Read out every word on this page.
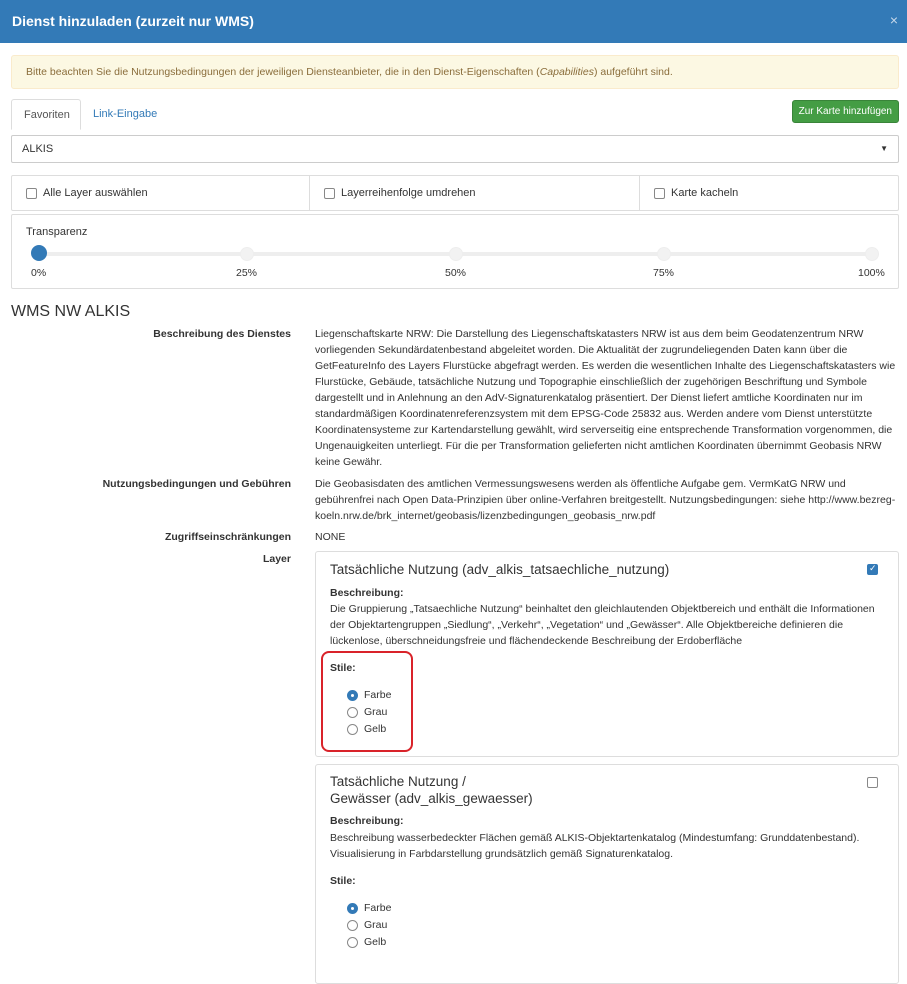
Dienst hinzuladen (zurzeit nur WMS)	×
Bitte beachten Sie die Nutzungsbedingungen der jeweiligen Diensteanbieter, die in den Dienst-Eigenschaften (Capabilities) aufgeführt sind.
Favoriten	Link-Eingabe	Zur Karte hinzufügen
ALKIS	▼
Alle Layer auswählen	Layerreihenfolge umdrehen	Karte kacheln
Transparenz
0%	25%	50%	75%	100%
WMS NW ALKIS
Beschreibung des Dienstes Liegenschaftskarte NRW: Die Darstellung des Liegenschaftskatasters NRW ist aus dem beim Geodatenzentrum NRW vorliegenden Sekundärdatenbestand abgeleitet worden. Die Aktualität der zugrundeliegenden Daten kann über die GetFeatureInfo des Layers Flurstücke abgefragt werden. Es werden die wesentlichen Inhalte des Liegenschaftskatasters wie Flurstücke, Gebäude, tatsächliche Nutzung und Topographie einschließlich der zugehörigen Beschriftung und Symbole dargestellt und in Anlehnung an den AdV-Signaturenkatalog präsentiert. Der Dienst liefert amtliche Koordinaten nur im standardmäßigen Koordinatenreferenzsystem mit dem EPSG-Code 25832 aus. Werden andere vom Dienst unterstützte Koordinatensysteme zur Kartendarstellung gewählt, wird serverseitig eine entsprechende Transformation vorgenommen, die Ungenauigkeiten unterliegt. Für die per Transformation gelieferten nicht amtlichen Koordinaten übernimmt Geobasis NRW keine Gewähr.
Nutzungsbedingungen und Gebühren Die Geobasisdaten des amtlichen Vermessungswesens werden als öffentliche Aufgabe gem. VermKatG NRW und gebührenfrei nach Open Data-Prinzipien über online-Verfahren breitgestellt. Nutzungsbedingungen: siehe http://www.bezreg-koeln.nrw.de/brk_internet/geobasis/lizenzbedingungen_geobasis_nrw.pdf
Zugriffseinschränkungen NONE
Layer
Tatsächliche Nutzung (adv_alkis_tatsaechliche_nutzung)
✓
Beschreibung:
Die Gruppierung „Tatsaechliche Nutzung“ beinhaltet den gleichlautenden Objektbereich und enthält die Informationen der Objektartengruppen „Siedlung“, „Verkehr“, „Vegetation“ und „Gewässer“. Alle Objektbereiche definieren die lückenlose, überschneidungsfreie und flächendeckende Beschreibung der Erdoberfläche
Stile:
Farbe
Grau
Gelb
Tatsächliche Nutzung /
Gewässer (adv_alkis_gewaesser)
Beschreibung:
Beschreibung wasserbedeckter Flächen gemäß ALKIS-Objektartenkatalog (Mindestumfang: Grunddatenbestand). Visualisierung in Farbdarstellung grundsätzlich gemäß Signaturenkatalog.
Stile:
Farbe
Grau
Gelb
